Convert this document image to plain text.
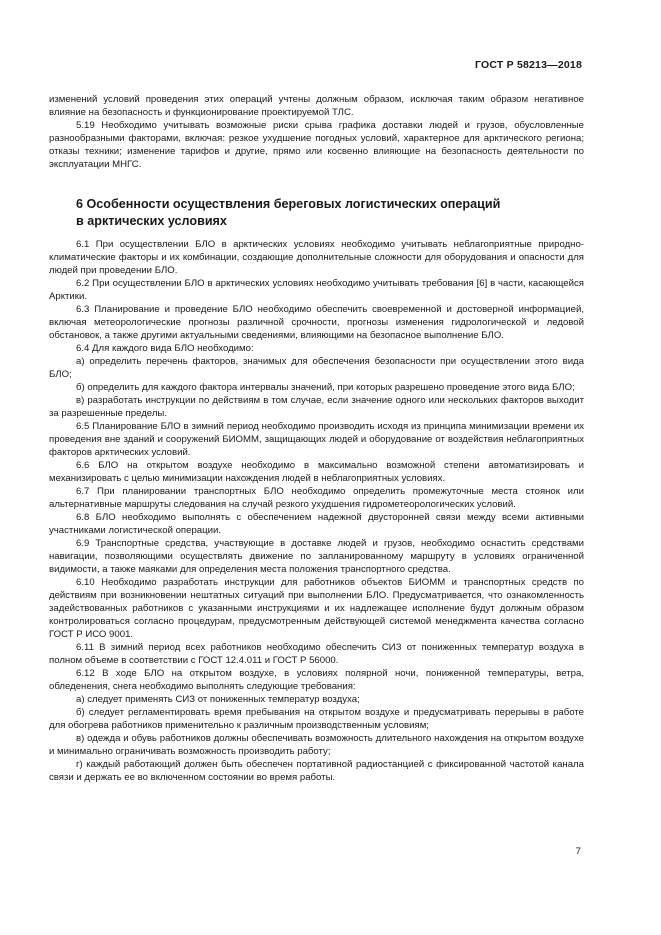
ГОСТ Р 58213—2018

изменений условий проведения этих операций учтены должным образом, исключая таким образом негативное влияние на безопасность и функционирование проектируемой ТЛС.

5.19 Необходимо учитывать возможные риски срыва графика доставки людей и грузов, обусловленные разнообразными факторами, включая: резкое ухудшение погодных условий, характерное для арктического региона; отказы техники; изменение тарифов и другие, прямо или косвенно влияющие на безопасность деятельности по эксплуатации МНГС.

6 Особенности осуществления береговых логистических операций
в арктических условиях

6.1 При осуществлении БЛО в арктических условиях необходимо учитывать неблагоприятные природно-климатические факторы и их комбинации, создающие дополнительные сложности для оборудования и опасности для людей при проведении БЛО.

6.2 При осуществлении БЛО в арктических условиях необходимо учитывать требования [6] в части, касающейся Арктики.

6.3 Планирование и проведение БЛО необходимо обеспечить своевременной и достоверной информацией, включая метеорологические прогнозы различной срочности, прогнозы изменения гидрологической и ледовой обстановок, а также другими актуальными сведениями, влияющими на безопасное выполнение БЛО.

6.4 Для каждого вида БЛО необходимо:

а) определить перечень факторов, значимых для обеспечения безопасности при осуществлении этого вида БЛО;

б) определить для каждого фактора интервалы значений, при которых разрешено проведение этого вида БЛО;

в) разработать инструкции по действиям в том случае, если значение одного или нескольких факторов выходит за разрешенные пределы.

6.5 Планирование БЛО в зимний период необходимо производить исходя из принципа минимизации времени их проведения вне зданий и сооружений БИОММ, защищающих людей и оборудование от воздействия неблагоприятных факторов арктических условий.

6.6 БЛО на открытом воздухе необходимо в максимально возможной степени автоматизировать и механизировать с целью минимизации нахождения людей в неблагоприятных условиях.

6.7 При планировании транспортных БЛО необходимо определить промежуточные места стоянок или альтернативные маршруты следования на случай резкого ухудшения гидрометеорологических условий.

6.8 БЛО необходимо выполнять с обеспечением надежной двусторонней связи между всеми активными участниками логистической операции.

6.9 Транспортные средства, участвующие в доставке людей и грузов, необходимо оснастить средствами навигации, позволяющими осуществлять движение по запланированному маршруту в условиях ограниченной видимости, а также маяками для определения места положения транспортного средства.

6.10 Необходимо разработать инструкции для работников объектов БИОММ и транспортных средств по действиям при возникновении нештатных ситуаций при выполнении БЛО. Предусматривается, что ознакомленность задействованных работников с указанными инструкциями и их надлежащее исполнение будут должным образом контролироваться согласно процедурам, предусмотренным действующей системой менеджмента качества согласно ГОСТ Р ИСО 9001.

6.11 В зимний период всех работников необходимо обеспечить СИЗ от пониженных температур воздуха в полном объеме в соответствии с ГОСТ 12.4.011 и ГОСТ Р 56000.

6.12 В ходе БЛО на открытом воздухе, в условиях полярной ночи, пониженной температуры, ветра, обледенения, снега необходимо выполнять следующие требования:

а) следует применять СИЗ от пониженных температур воздуха;

б) следует регламентировать время пребывания на открытом воздухе и предусматривать перерывы в работе для обогрева работников применительно к различным производственным условиям;

в) одежда и обувь работников должны обеспечивать возможность длительного нахождения на открытом воздухе и минимально ограничивать возможность производить работу;

г) каждый работающий должен быть обеспечен портативной радиостанцией с фиксированной частотой канала связи и держать ее во включенном состоянии во время работы.

7
